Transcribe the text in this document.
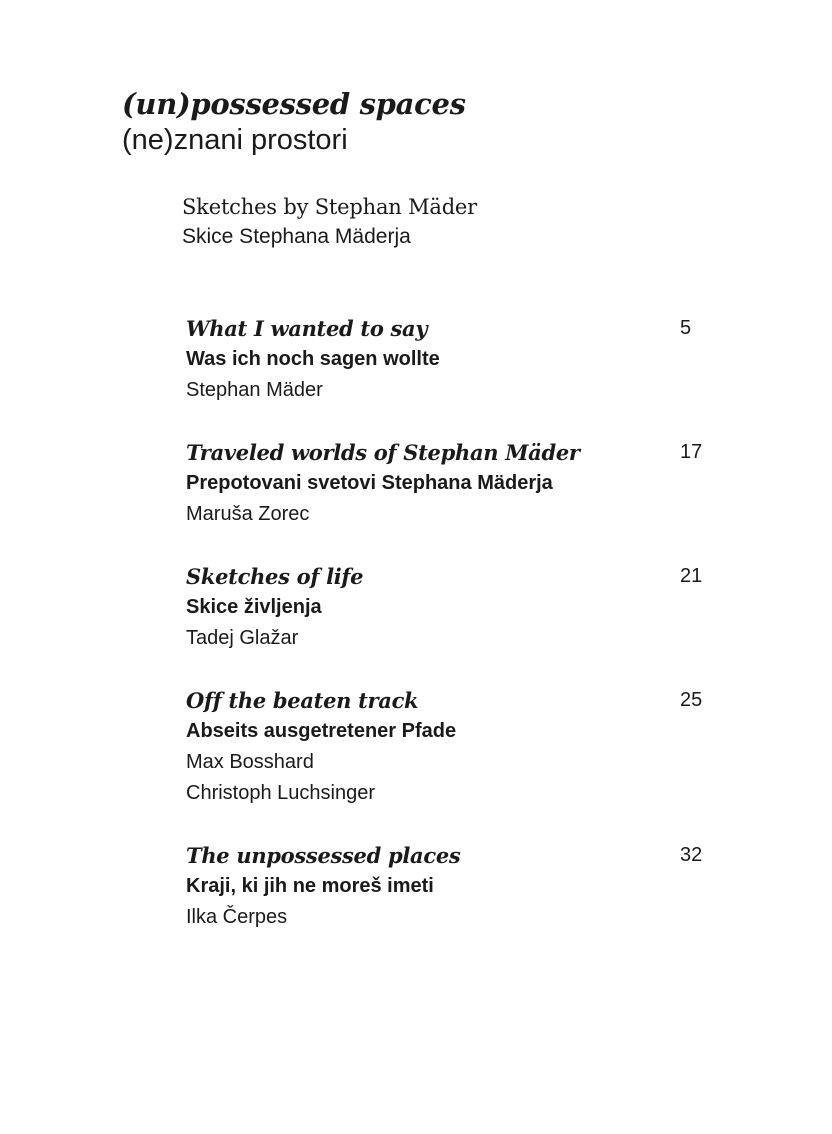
(un)possessed spaces
(ne)znani prostori
Sketches by Stephan Mäder
Skice Stephana Mäderja
What I wanted to say
Was ich noch sagen wollte
Stephan Mäder
5
Traveled worlds of Stephan Mäder
Prepotovani svetovi Stephana Mäderja
Maruša Zorec
17
Sketches of life
Skice življenja
Tadej Glažar
21
Off the beaten track
Abseits ausgetretener Pfade
Max Bosshard
Christoph Luchsinger
25
The unpossessed places
Kraji, ki jih ne moreš imeti
Ilka Čerpes
32
